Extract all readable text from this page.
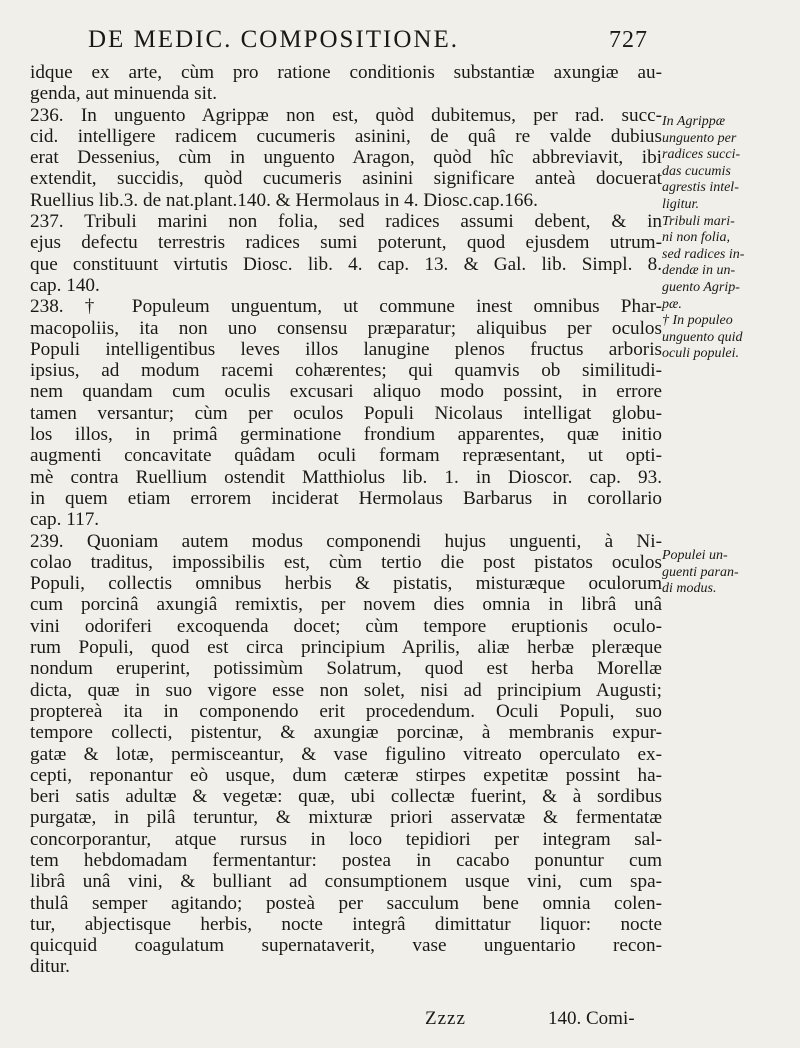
DE MEDIC. COMPOSITIONE.	727
idque ex arte, cùm pro ratione conditionis substantiæ axungiæ au-
genda, aut minuenda sit.
236. In unguento Agrippæ non est, quòd dubitemus, per rad. succ-
cid. intelligere radicem cucumeris asinini, de quâ re valde dubius
erat Dessenius, cùm in unguento Aragon, quòd hîc abbreviavit, ibi
extendit, succidis, quòd cucumeris asinini significare anteà docuerat
Ruellius lib.3. de nat.plant.140. & Hermolaus in 4. Diosc.cap.166.
237. Tribuli marini non folia, sed radices assumi debent, & in
ejus defectu terrestris radices sumi poterunt, quod ejusdem utrum-
que constituunt virtutis Diosc. lib. 4. cap. 13. & Gal. lib. Simpl. 8.
cap. 140.
238. † Populeum unguentum, ut commune inest omnibus Phar-
macopoliis, ita non uno consensu præparatur; aliquibus per oculos
Populi intelligentibus leves illos lanugine plenos fructus arboris
ipsius, ad modum racemi cohærentes; qui quamvis ob similitudi-
nem quandam cum oculis excusari aliquo modo possint, in errore
tamen versantur; cùm per oculos Populi Nicolaus intelligat globu-
los illos, in primâ germinatione frondium apparentes, quæ initio
augmenti concavitate quâdam oculi formam repræsentant, ut opti-
mè contra Ruellium ostendit Matthiolus lib. 1. in Dioscor. cap. 93.
in quem etiam errorem inciderat Hermolaus Barbarus in corollario
cap. 117.
239. Quoniam autem modus componendi hujus unguenti, à Ni-
colao traditus, impossibilis est, cùm tertio die post pistatos oculos
Populi, collectis omnibus herbis & pistatis, misturæque oculorum
cum porcinâ axungiâ remixtis, per novem dies omnia in librâ unâ
vini odoriferi excoquenda docet; cùm tempore eruptionis oculo-
rum Populi, quod est circa principium Aprilis, aliæ herbæ pleræque
nondum eruperint, potissimùm Solatrum, quod est herba Morellæ
dicta, quæ in suo vigore esse non solet, nisi ad principium Augusti;
proptereà ita in componendo erit procedendum. Oculi Populi, suo
tempore collecti, pistentur, & axungiæ porcinæ, à membranis expur-
gatæ & lotæ, permisceantur, & vase figulino vitreato operculato ex-
cepti, reponantur eò usque, dum cæteræ stirpes expetitæ possint ha-
beri satis adultæ & vegetæ: quæ, ubi collectæ fuerint, & à sordibus
purgatæ, in pilâ teruntur, & mixturæ priori asservatæ & fermentatæ
concorporantur, atque rursus in loco tepidiori per integram sal-
tem hebdomadam fermentantur: postea in cacabo ponuntur cum
librâ unâ vini, & bulliant ad consumptionem usque vini, cum spa-
thulâ semper agitando; posteà per sacculum bene omnia colen-
tur, abjectisque herbis, nocte integrâ dimittatur liquor: nocte
quicquid coagulatum supernataverit, vase unguentario recon-
ditur.
In Agrippæ
unguento per
radices succi-
das cucumis
agrestis intel-
ligitur.
Tribuli mari-
ni non folia,
sed radices in-
dendæ in un-
guento Agrip-
pæ.
† In populeo
unguento quid
oculi populei.
Populei un-
guenti paran-
di modus.
Zzzz	140. Comi-
